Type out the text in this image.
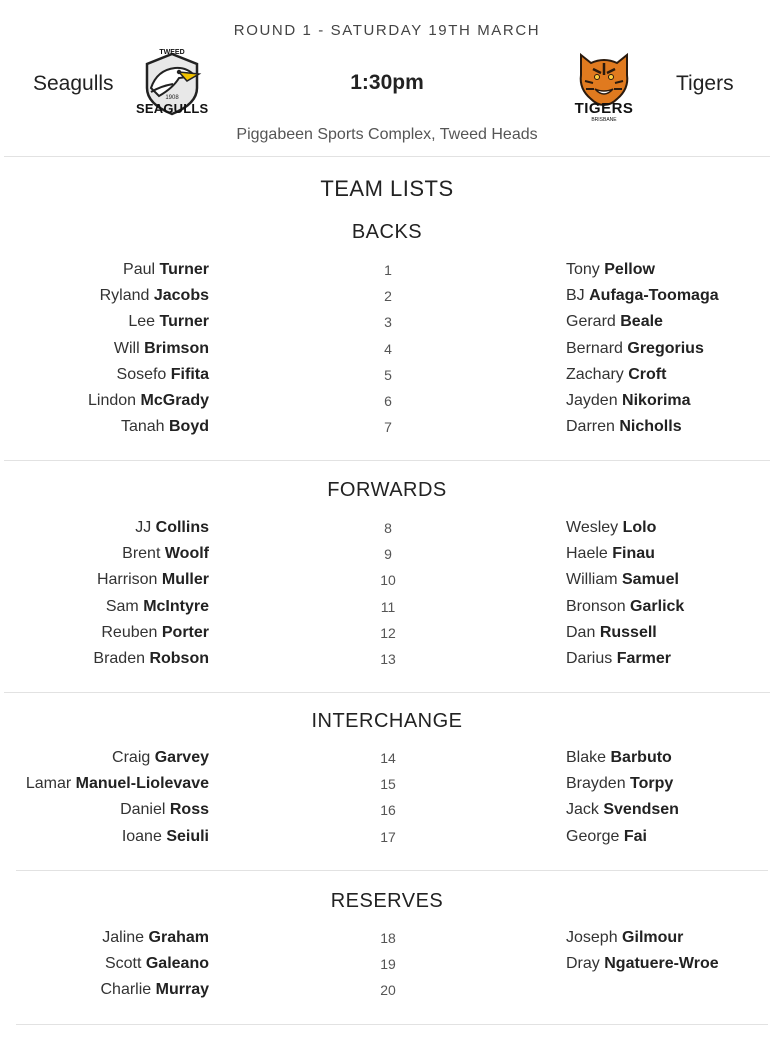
ROUND 1 - SATURDAY 19TH MARCH
Seagulls
TWEED
SEAGULLS
1908
1:30pm
TIGERS
BRISBANE
Tigers
Piggabeen Sports Complex, Tweed Heads
TEAM LISTS
BACKS
Paul Turner	1	Tony Pellow
Ryland Jacobs	2	BJ Aufaga-Toomaga
Lee Turner	3	Gerard Beale
Will Brimson	4	Bernard Gregorius
Sosefo Fifita	5	Zachary Croft
Lindon McGrady	6	Jayden Nikorima
Tanah Boyd	7	Darren Nicholls
FORWARDS
JJ Collins	8	Wesley Lolo
Brent Woolf	9	Haele Finau
Harrison Muller	10	William Samuel
Sam McIntyre	11	Bronson Garlick
Reuben Porter	12	Dan Russell
Braden Robson	13	Darius Farmer
INTERCHANGE
Craig Garvey	14	Blake Barbuto
Lamar Manuel-Liolevave	15	Brayden Torpy
Daniel Ross	16	Jack Svendsen
Ioane Seiuli	17	George Fai
RESERVES
Jaline Graham	18	Joseph Gilmour
Scott Galeano	19	Dray Ngatuere-Wroe
Charlie Murray	20
